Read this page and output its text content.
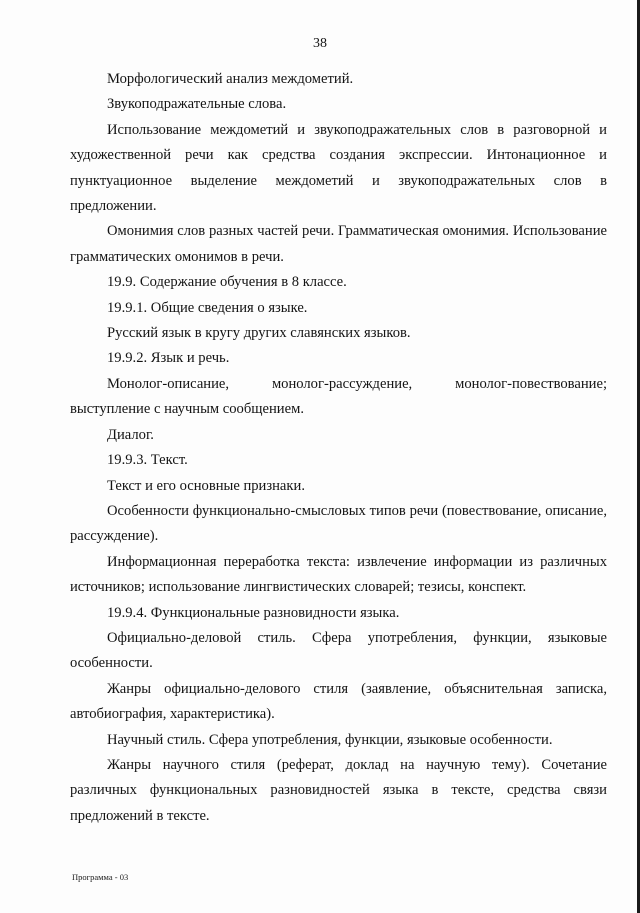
38

Морфологический анализ междометий.

Звукоподражательные слова.

Использование междометий и звукоподражательных слов в разговорной и художественной речи как средства создания экспрессии. Интонационное и пунктуационное выделение междометий и звукоподражательных слов в предложении.

Омонимия слов разных частей речи. Грамматическая омонимия. Использование грамматических омонимов в речи.

19.9. Содержание обучения в 8 классе.

19.9.1. Общие сведения о языке.

Русский язык в кругу других славянских языков.

19.9.2. Язык и речь.

Монолог-описание, монолог-рассуждение, монолог-повествование; выступление с научным сообщением.

Диалог.

19.9.3. Текст.

Текст и его основные признаки.

Особенности функционально-смысловых типов речи (повествование, описание, рассуждение).

Информационная переработка текста: извлечение информации из различных источников; использование лингвистических словарей; тезисы, конспект.

19.9.4. Функциональные разновидности языка.

Официально-деловой стиль. Сфера употребления, функции, языковые особенности.

Жанры официально-делового стиля (заявление, объяснительная записка, автобиография, характеристика).

Научный стиль. Сфера употребления, функции, языковые особенности.

Жанры научного стиля (реферат, доклад на научную тему). Сочетание различных функциональных разновидностей языка в тексте, средства связи предложений в тексте.

Программа - 03
